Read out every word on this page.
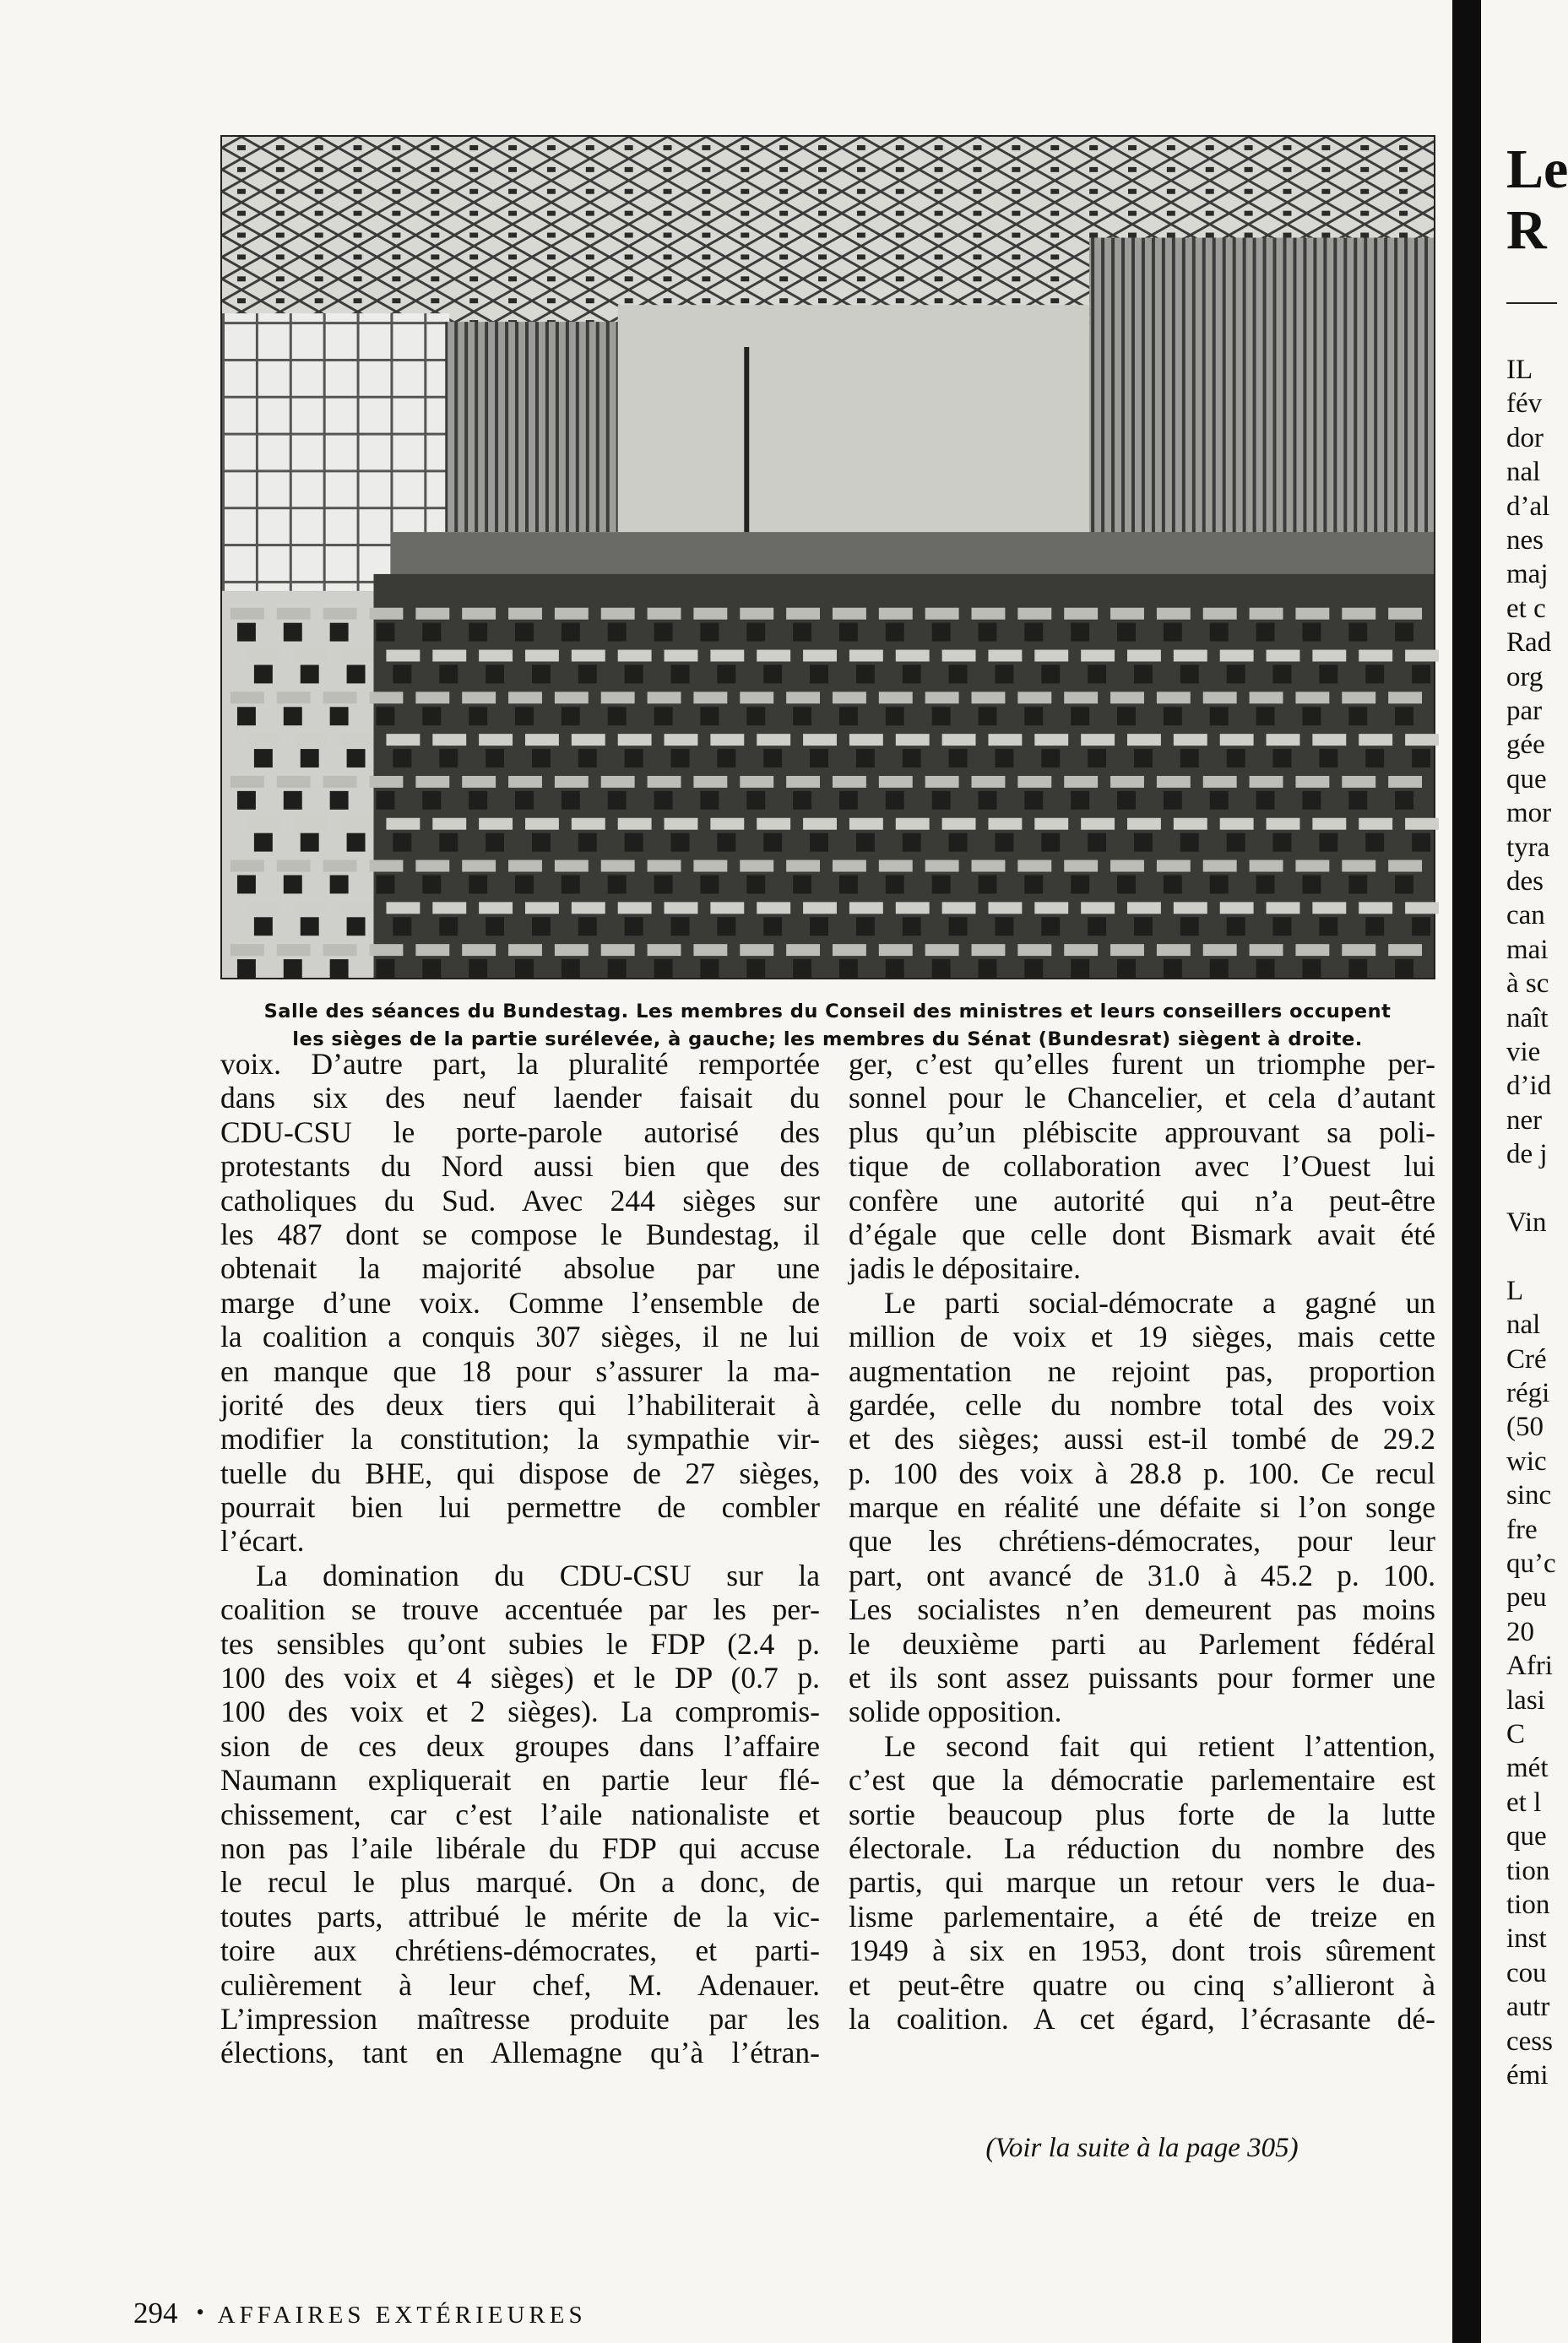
Salle des séances du Bundestag. Les membres du Conseil des ministres et leurs conseillers occupent
les sièges de la partie surélevée, à gauche; les membres du Sénat (Bundesrat) siègent à droite.
voix. D’autre part, la pluralité remportée
dans six des neuf laender faisait du
CDU-CSU le porte-parole autorisé des
protestants du Nord aussi bien que des
catholiques du Sud. Avec 244 sièges sur
les 487 dont se compose le Bundestag, il
obtenait la majorité absolue par une
marge d’une voix. Comme l’ensemble de
la coalition a conquis 307 sièges, il ne lui
en manque que 18 pour s’assurer la ma-
jorité des deux tiers qui l’habiliterait à
modifier la constitution; la sympathie vir-
tuelle du BHE, qui dispose de 27 sièges,
pourrait bien lui permettre de combler
l’écart.
La domination du CDU-CSU sur la
coalition se trouve accentuée par les per-
tes sensibles qu’ont subies le FDP (2.4 p.
100 des voix et 4 sièges) et le DP (0.7 p.
100 des voix et 2 sièges). La compromis-
sion de ces deux groupes dans l’affaire
Naumann expliquerait en partie leur flé-
chissement, car c’est l’aile nationaliste et
non pas l’aile libérale du FDP qui accuse
le recul le plus marqué. On a donc, de
toutes parts, attribué le mérite de la vic-
toire aux chrétiens-démocrates, et parti-
culièrement à leur chef, M. Adenauer.
L’impression maîtresse produite par les
élections, tant en Allemagne qu’à l’étran-
ger, c’est qu’elles furent un triomphe per-
sonnel pour le Chancelier, et cela d’autant
plus qu’un plébiscite approuvant sa poli-
tique de collaboration avec l’Ouest lui
confère une autorité qui n’a peut-être
d’égale que celle dont Bismark avait été
jadis le dépositaire.
Le parti social-démocrate a gagné un
million de voix et 19 sièges, mais cette
augmentation ne rejoint pas, proportion
gardée, celle du nombre total des voix
et des sièges; aussi est-il tombé de 29.2
p. 100 des voix à 28.8 p. 100. Ce recul
marque en réalité une défaite si l’on songe
que les chrétiens-démocrates, pour leur
part, ont avancé de 31.0 à 45.2 p. 100.
Les socialistes n’en demeurent pas moins
le deuxième parti au Parlement fédéral
et ils sont assez puissants pour former une
solide opposition.
Le second fait qui retient l’attention,
c’est que la démocratie parlementaire est
sortie beaucoup plus forte de la lutte
électorale. La réduction du nombre des
partis, qui marque un retour vers le dua-
lisme parlementaire, a été de treize en
1949 à six en 1953, dont trois sûrement
et peut-être quatre ou cinq s’allieront à
la coalition. A cet égard, l’écrasante dé-
(Voir la suite à la page 305)
294 • AFFAIRES EXTÉRIEURES
Le
R
IL
fév
dor
nal
d’al
nes
maj
et c
Rad
org
par
gée
que
mor
tyra
des
can
mai
à sc
naît
vie
d’id
ner
de j
Vin
L
nal
Cré
régi
(50
wic
sinc
fre
qu’c
peu
20
Afri
lasi
C
mét
et l
que
tion
tion
inst
cou
autr
cess
émi
